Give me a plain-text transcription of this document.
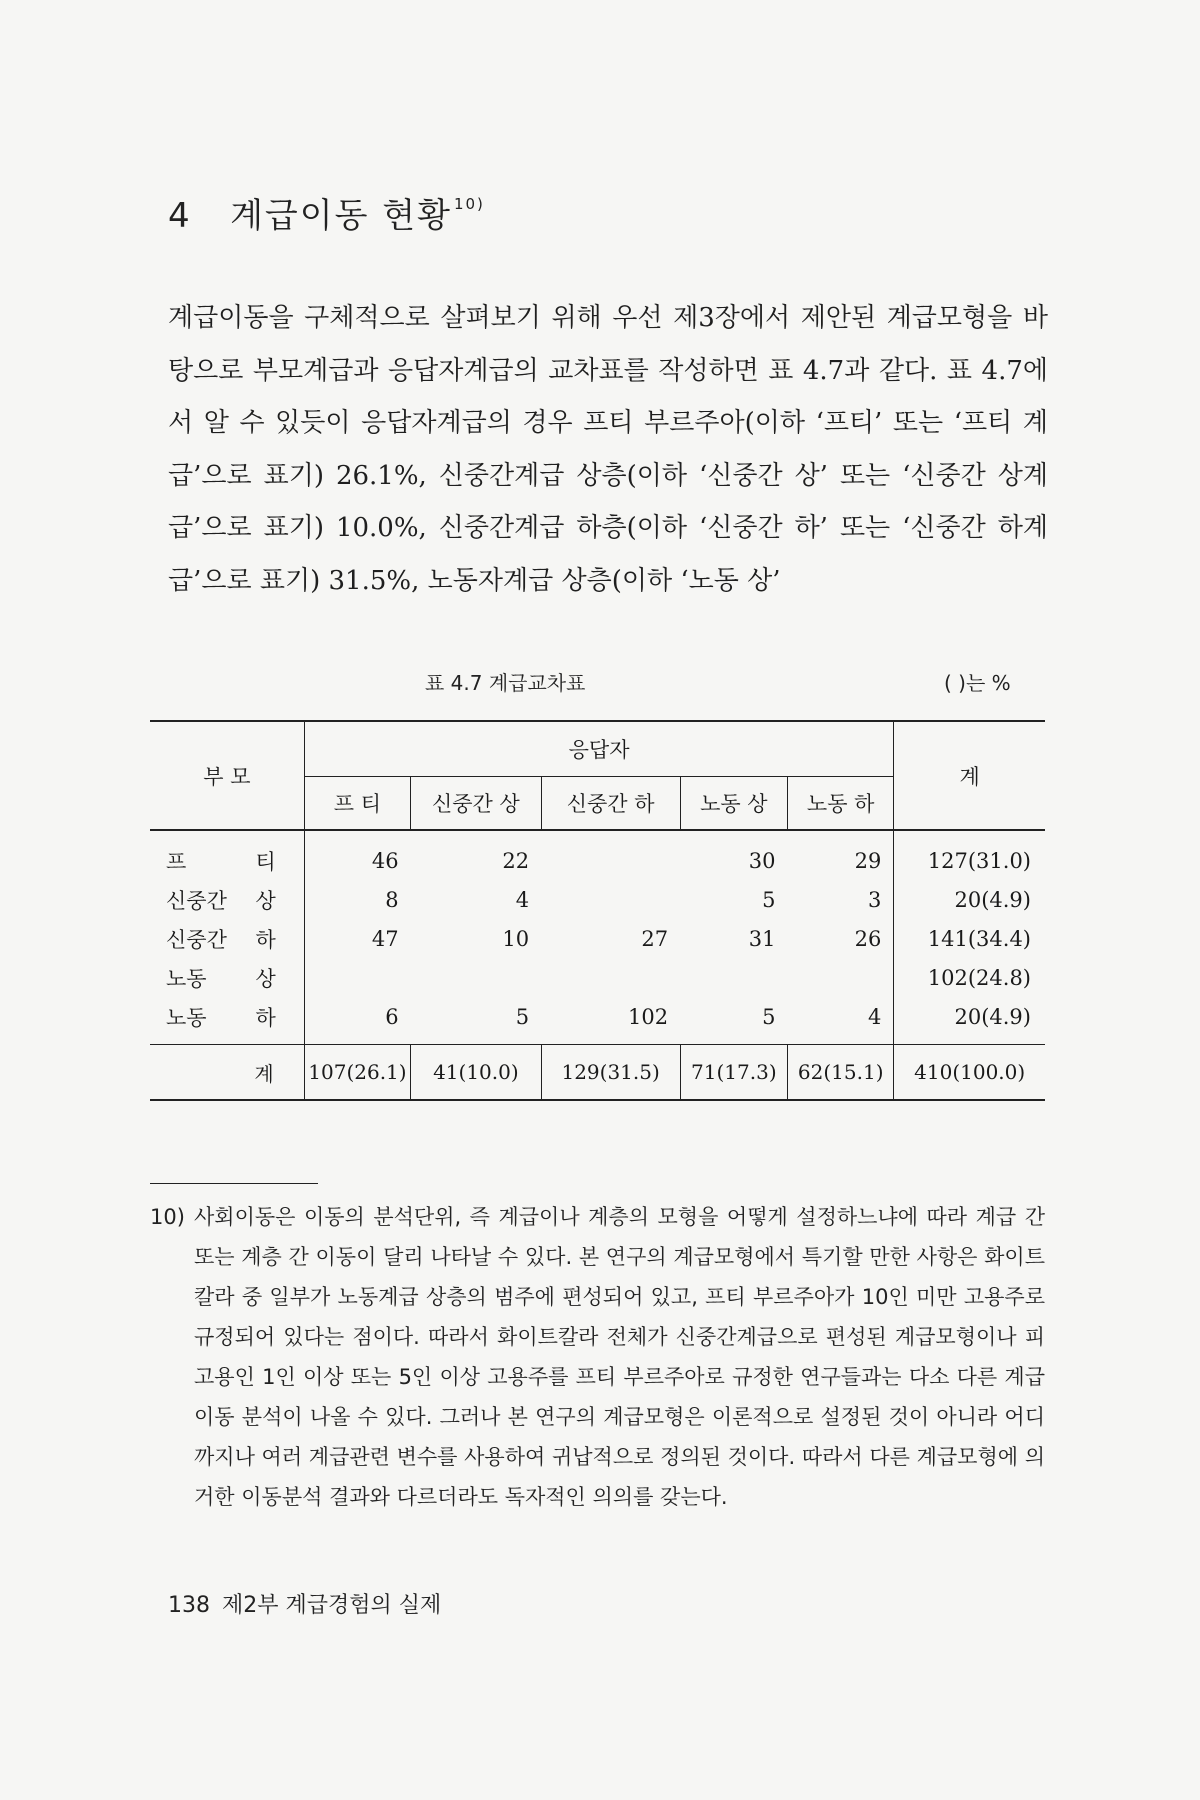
4 계급이동 현황 $^{10)}$
계급이동을 구체적으로 살펴보기 위해 우선 제3장에서 제안된 계급모형을 바탕으로 부모계급과 응답자계급의 교차표를 작성하면 표 4.7과 같다. 표 4.7에서 알 수 있듯이 응답자계급의 경우 프티 부르주아(이하 ‘프티’ 또는 ‘프티 계급’으로 표기) 26.1%, 신중간계급 상층(이하 ‘신중간 상’ 또는 ‘신중간 상계급’으로 표기) 10.0%, 신중간계급 하층(이하 ‘신중간 하’ 또는 ‘신중간 하계급’으로 표기) 31.5%, 노동자계급 상층(이하 ‘노동 상’
표 4.7 계급교차표	( )는 %
부 모	응답자					계
	프 티	신중간 상	신중간 하	노동 상	노동 하	
프 티	46	22		30	29	127(31.0)
신중간 상	8	4		5	3	20(4.9)
신중간 하	47	10	27	31	26	141(34.4)
노동 상						102(24.8)
노동 하	6	5	102	5	4	20(4.9)
계	107(26.1)	41(10.0)	129(31.5)	71(17.3)	62(15.1)	410(100.0)
10) 사회이동은 이동의 분석단위, 즉 계급이나 계층의 모형을 어떻게 설정하느냐에 따라 계급 간 또는 계층 간 이동이 달리 나타날 수 있다. 본 연구의 계급모형에서 특기할 만한 사항은 화이트칼라 중 일부가 노동계급 상층의 범주에 편성되어 있고, 프티 부르주아가 10인 미만 고용주로 규정되어 있다는 점이다. 따라서 화이트칼라 전체가 신중간계급으로 편성된 계급모형이나 피고용인 1인 이상 또는 5인 이상 고용주를 프티 부르주아로 규정한 연구들과는 다소 다른 계급이동 분석이 나올 수 있다. 그러나 본 연구의 계급모형은 이론적으로 설정된 것이 아니라 어디까지나 여러 계급관련 변수를 사용하여 귀납적으로 정의된 것이다. 따라서 다른 계급모형에 의거한 이동분석 결과와 다르더라도 독자적인 의의를 갖는다.
138 제2부 계급경험의 실제
